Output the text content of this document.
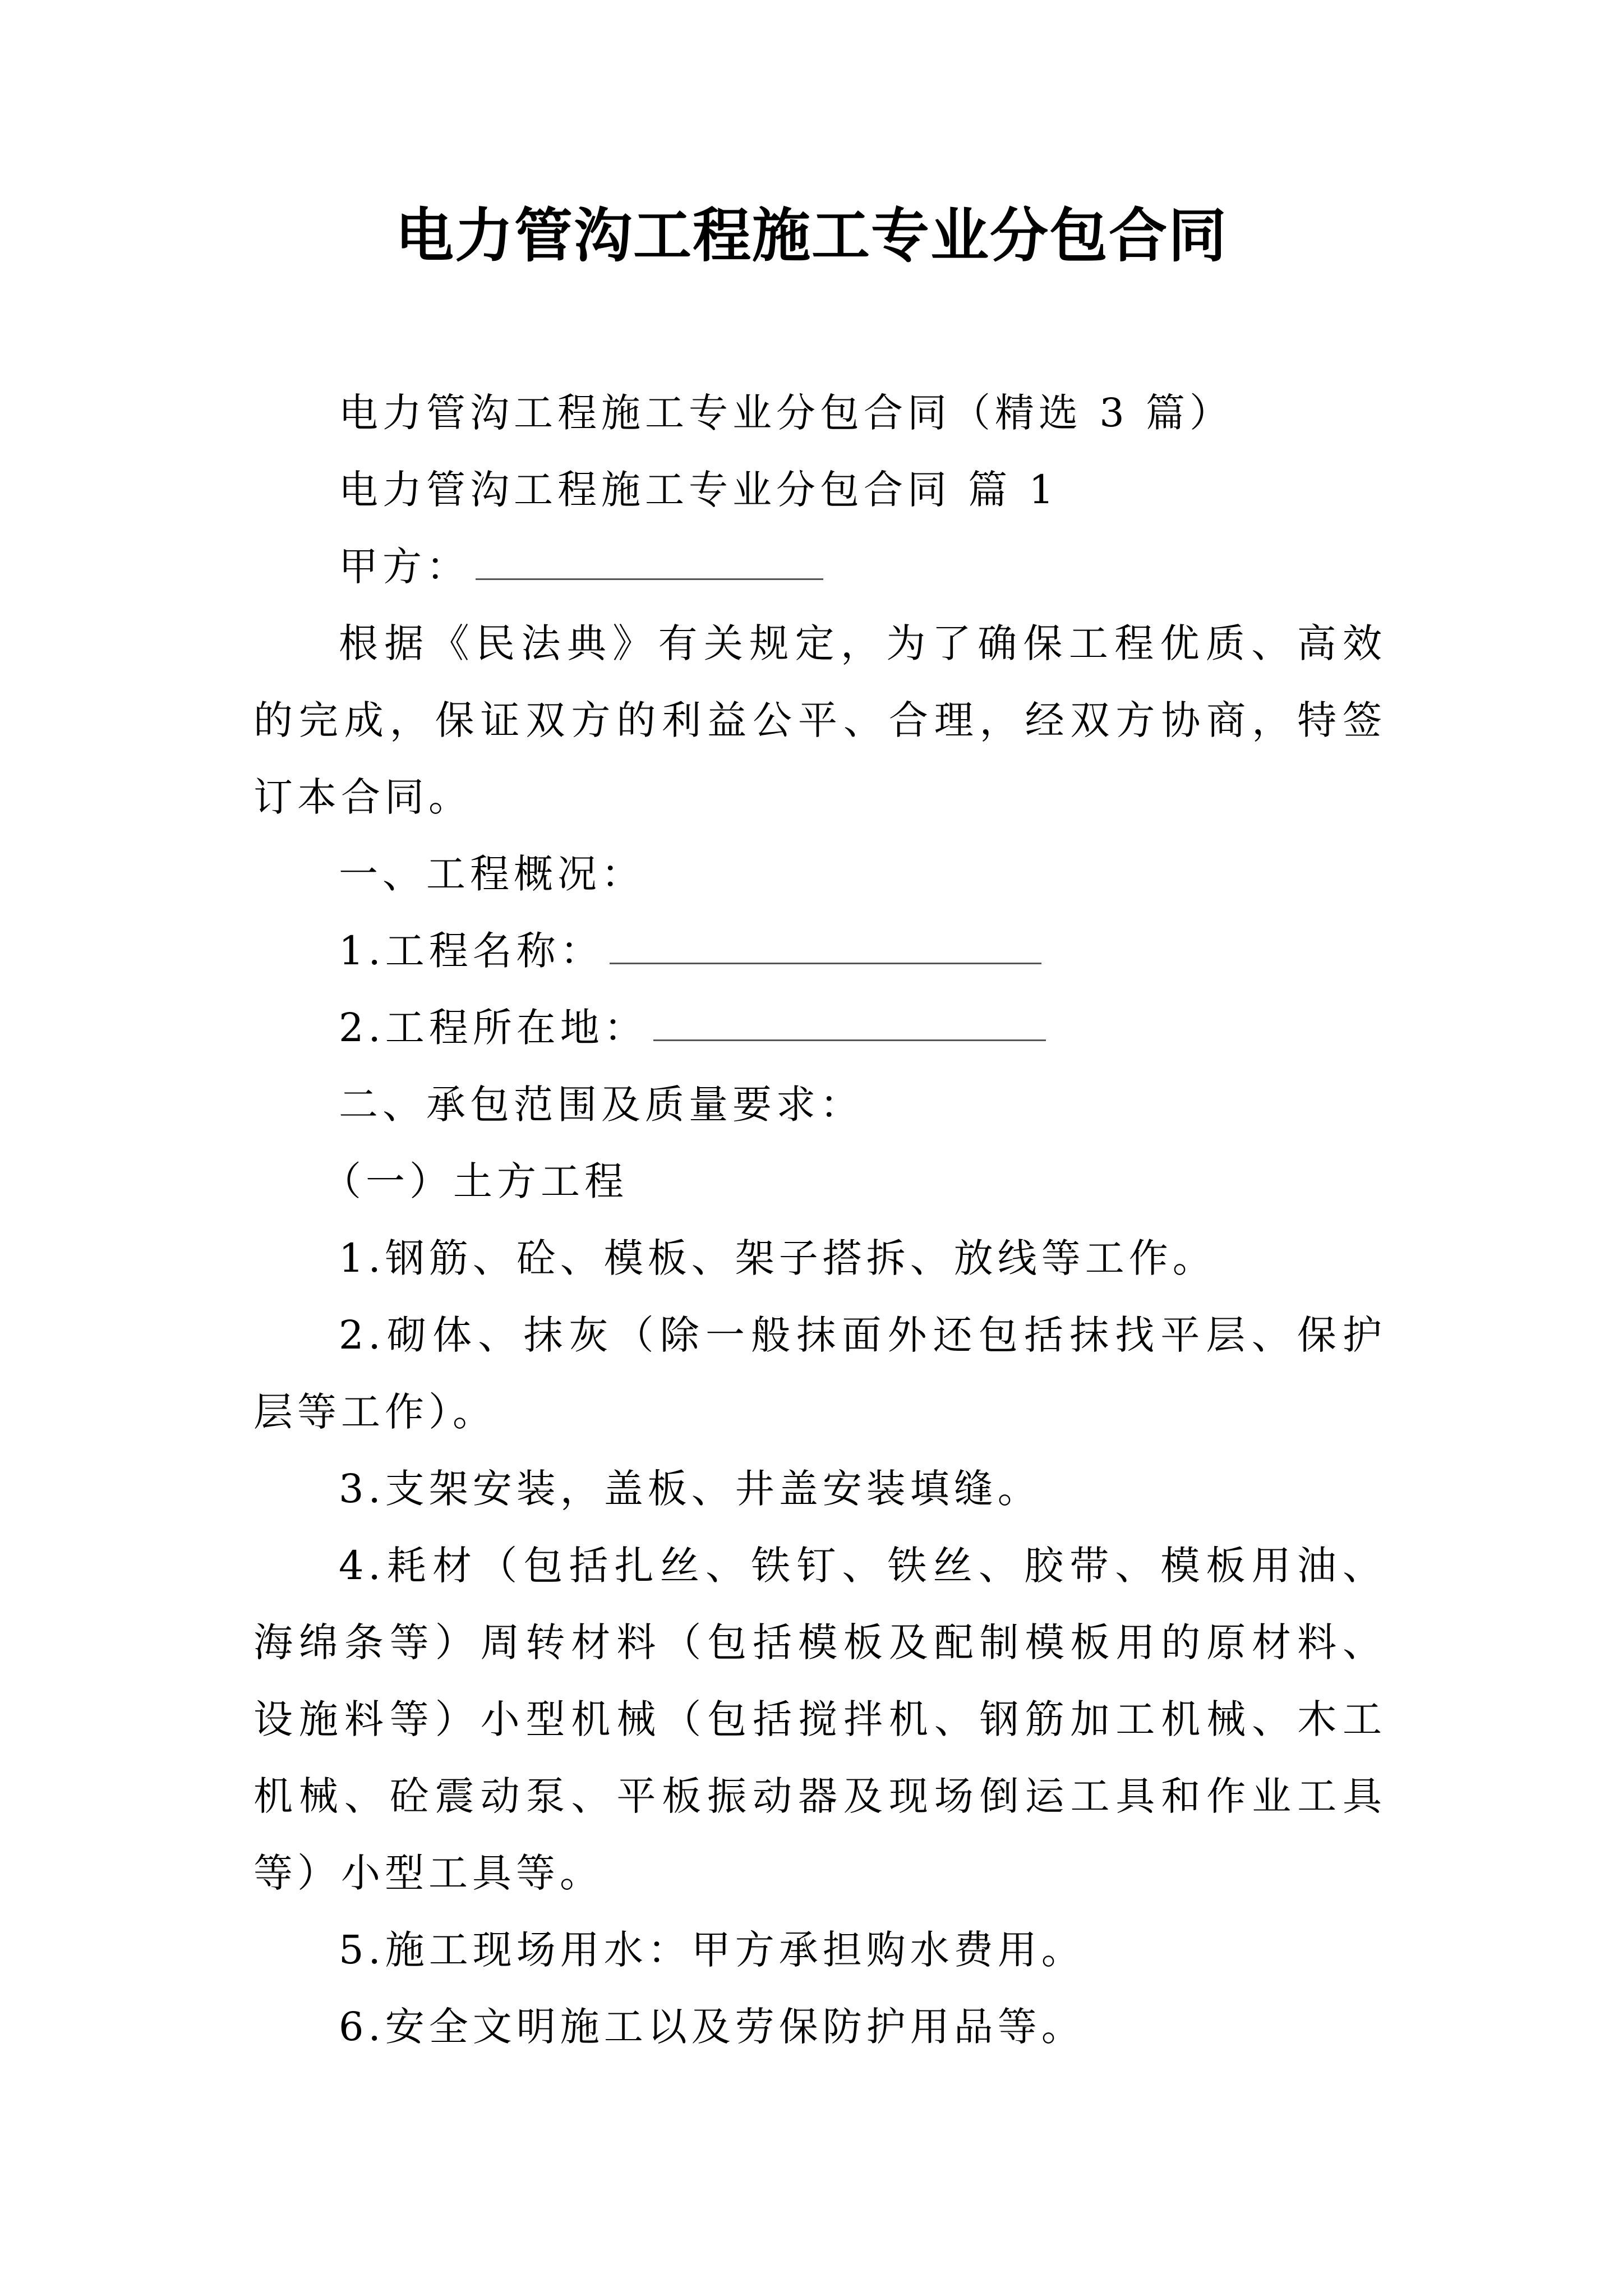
电力管沟工程施工专业分包合同

电力管沟工程施工专业分包合同（精选 3 篇）

电力管沟工程施工专业分包合同 篇 1

甲方：

根据《民法典》有关规定，为了确保工程优质、高效的完成，保证双方的利益公平、合理，经双方协商，特签订本合同。

一、工程概况：

1.工程名称：

2.工程所在地：

二、承包范围及质量要求：

（一）土方工程

1.钢筋、砼、模板、架子搭拆、放线等工作。

2.砌体、抹灰（除一般抹面外还包括抹找平层、保护层等工作）。

3.支架安装，盖板、井盖安装填缝。

4.耗材（包括扎丝、铁钉、铁丝、胶带、模板用油、海绵条等）周转材料（包括模板及配制模板用的原材料、设施料等）小型机械（包括搅拌机、钢筋加工机械、木工机械、砼震动泵、平板振动器及现场倒运工具和作业工具等）小型工具等。

5.施工现场用水：甲方承担购水费用。

6.安全文明施工以及劳保防护用品等。
